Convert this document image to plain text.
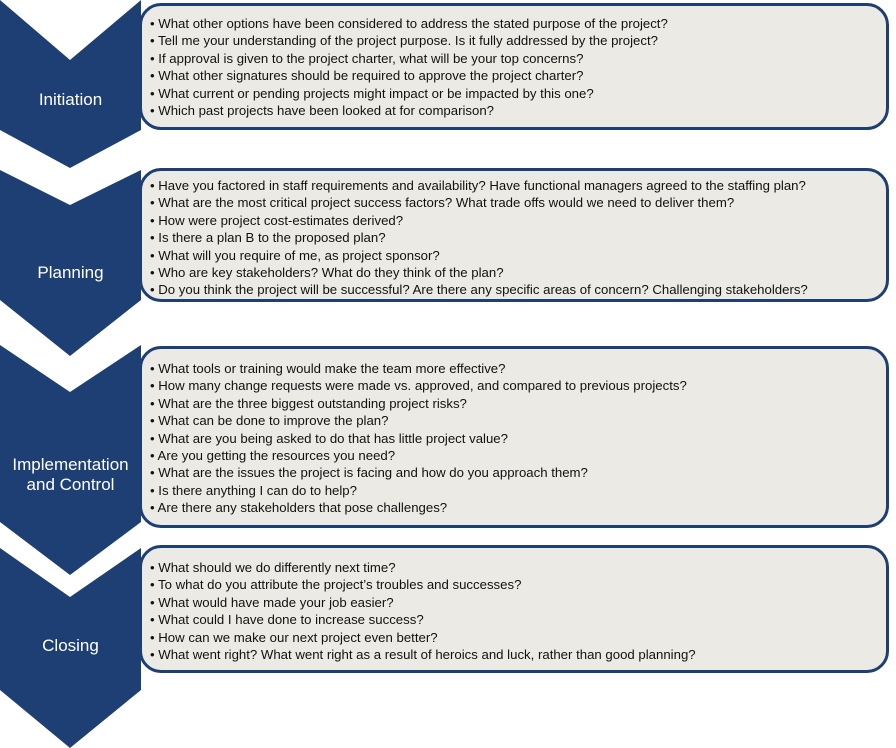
Initiation

• What other options have been considered to address the stated purpose of the project?

• Tell me your understanding of the project purpose. Is it fully addressed by the project?

• If approval is given to the project charter, what will be your top concerns?

• What other signatures should be required to approve the project charter?

• What current or pending projects might impact or be impacted by this one?

• Which past projects have been looked at for comparison?

Planning

• Have you factored in staff requirements and availability? Have functional managers agreed to the staffing plan?

• What are the most critical project success factors? What trade offs would we need to deliver them?

• How were project cost-estimates derived?

• Is there a plan B to the proposed plan?

• What will you require of me, as project sponsor?

• Who are key stakeholders? What do they think of the plan?

• Do you think the project will be successful? Are there any specific areas of concern? Challenging stakeholders?

Implementation
and Control

• What tools or training would make the team more effective?

• How many change requests were made vs. approved, and compared to previous projects?

• What are the three biggest outstanding project risks?

• What can be done to improve the plan?

• What are you being asked to do that has little project value?

• Are you getting the resources you need?

• What are the issues the project is facing and how do you approach them?

• Is there anything I can do to help?

• Are there any stakeholders that pose challenges?

Closing

• What should we do differently next time?

• To what do you attribute the project’s troubles and successes?

• What would have made your job easier?

• What could I have done to increase success?

• How can we make our next project even better?

• What went right? What went right as a result of heroics and luck, rather than good planning?
